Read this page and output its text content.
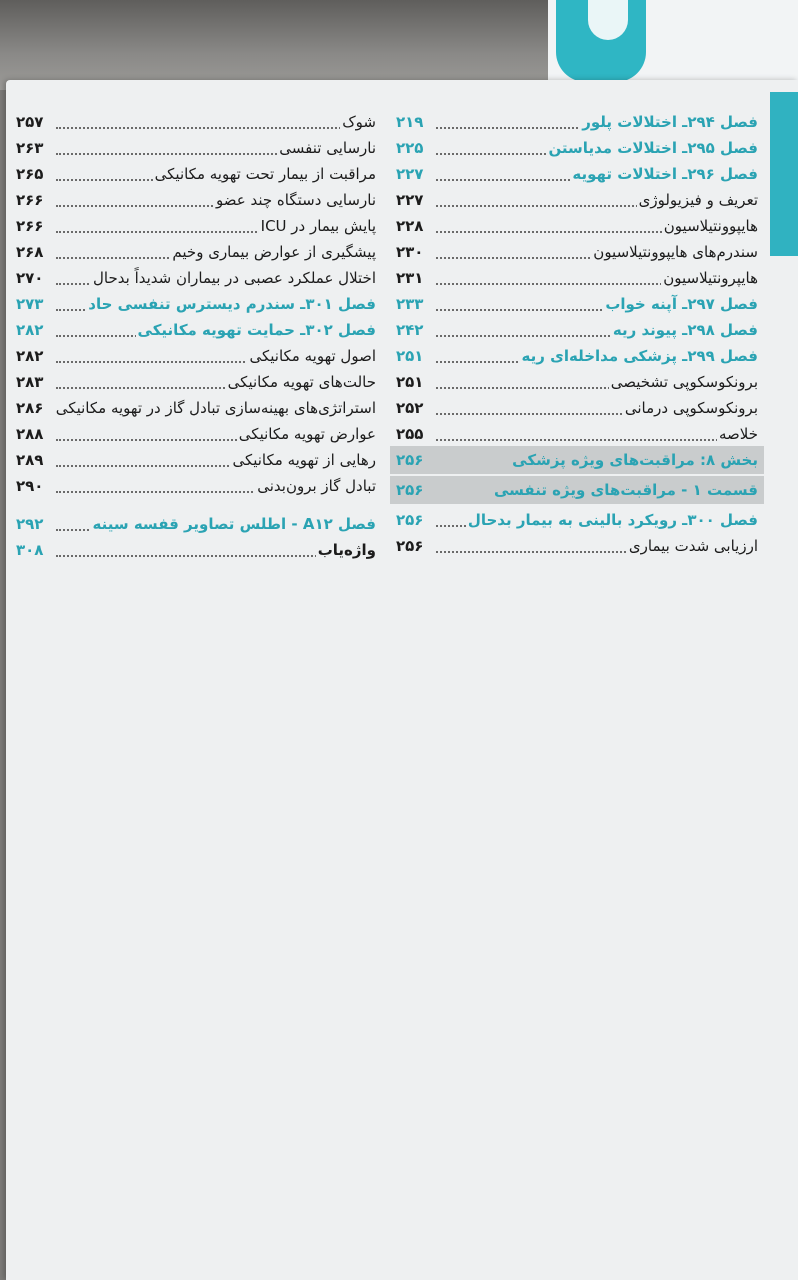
فصل ۲۹۴ـ اختلالات پلور
۲۱۹
فصل ۲۹۵ـ اختلالات مدیاستن
۲۲۵
فصل ۲۹۶ـ اختلالات تهویه
۲۲۷
تعریف و فیزیولوژی
۲۲۷
هایپوونتیلاسیون
۲۲۸
سندرم‌های هایپوونتیلاسیون
۲۳۰
هایپرونتیلاسیون
۲۳۱
فصل ۲۹۷ـ آپنه خواب
۲۳۳
فصل ۲۹۸ـ پیوند ریه
۲۴۲
فصل ۲۹۹ـ پزشکی مداخله‌ای ریه
۲۵۱
برونکوسکوپی تشخیصی
۲۵۱
برونکوسکوپی درمانی
۲۵۲
خلاصه
۲۵۵
بخش ۸: مراقبت‌های ویژه پزشکی
۲۵۶
قسمت ۱ - مراقبت‌های ویژه تنفسی
۲۵۶
فصل ۳۰۰ـ رویکرد بالینی به بیمار بدحال
۲۵۶
ارزیابی شدت بیماری
۲۵۶
شوک
۲۵۷
نارسایی تنفسی
۲۶۳
مراقبت از بیمار تحت تهویه مکانیکی
۲۶۵
نارسایی دستگاه چند عضو
۲۶۶
پایش بیمار در ICU
۲۶۶
پیشگیری از عوارض بیماری وخیم
۲۶۸
اختلال عملکرد عصبی در بیماران شدیداً بدحال
۲۷۰
فصل ۳۰۱ـ سندرم دیسترس تنفسی حاد
۲۷۳
فصل ۳۰۲ـ حمایت تهویه مکانیکی
۲۸۲
اصول تهویه مکانیکی
۲۸۲
حالت‌های تهویه مکانیکی
۲۸۳
استراتژی‌های بهینه‌سازی تبادل گاز در تهویه مکانیکی
۲۸۶
عوارض تهویه مکانیکی
۲۸۸
رهایی از تهویه مکانیکی
۲۸۹
تبادل گاز برون‌بدنی
۲۹۰
فصل A۱۲ - اطلس تصاویر قفسه سینه
۲۹۲
واژه‌یاب
۳۰۸
